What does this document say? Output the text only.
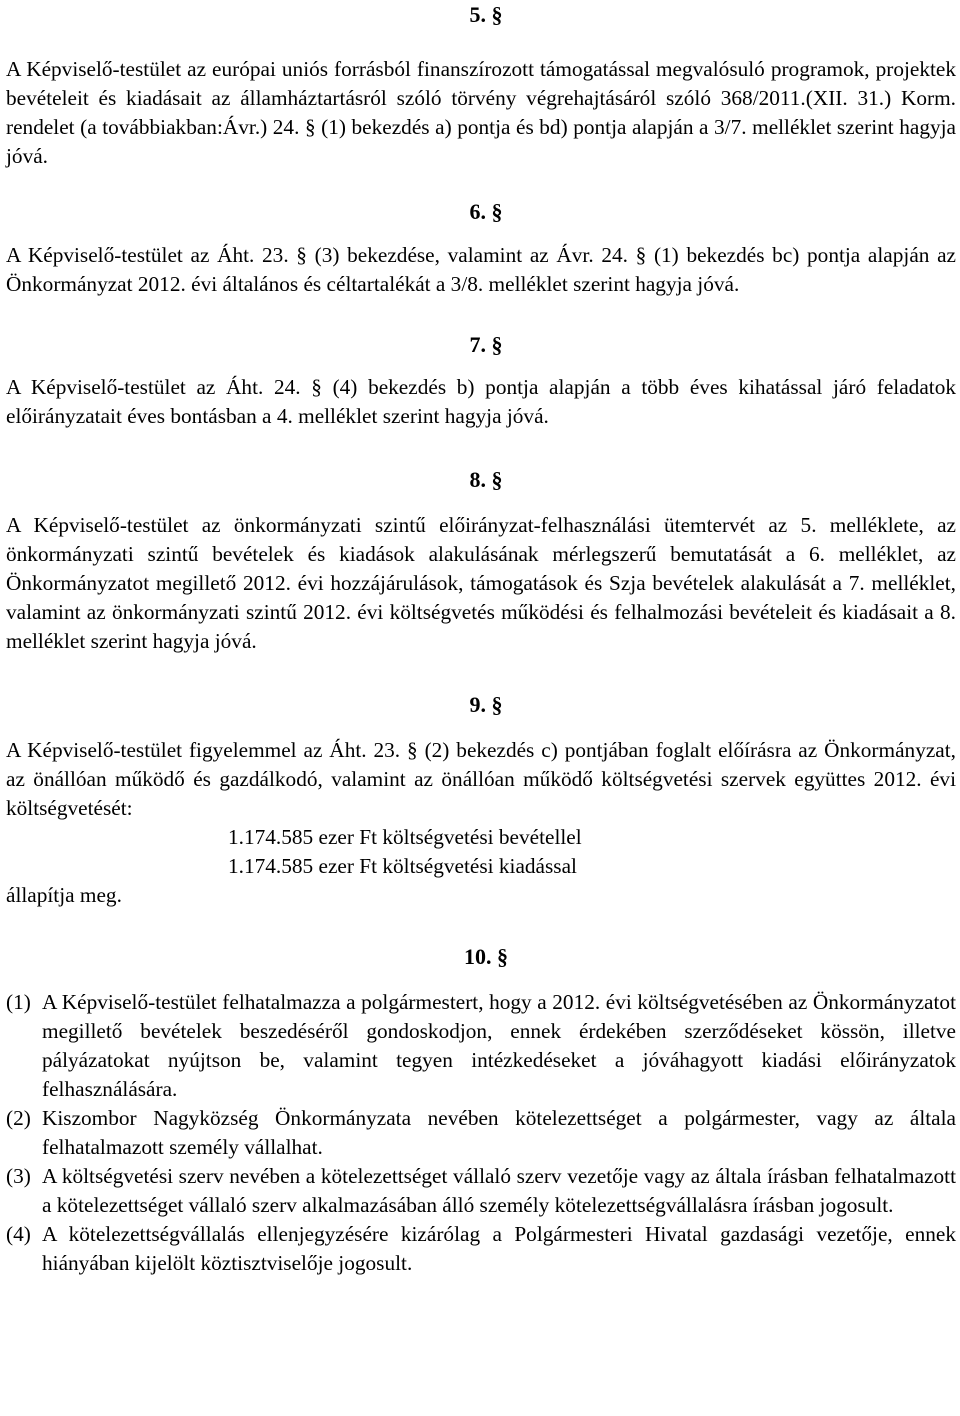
5. §

A Képviselő-testület az európai uniós forrásból finanszírozott támogatással megvalósuló programok, projektek bevételeit és kiadásait az államháztartásról szóló törvény végrehajtásáról szóló 368/2011.(XII. 31.) Korm. rendelet (a továbbiakban:Ávr.) 24. § (1) bekezdés a) pontja és bd) pontja alapján a 3/7. melléklet szerint hagyja jóvá.

6. §

A Képviselő-testület az Áht. 23. § (3) bekezdése, valamint az Ávr. 24. § (1) bekezdés bc) pontja alapján az Önkormányzat 2012. évi általános és céltartalékát a 3/8. melléklet szerint hagyja jóvá.

7. §

A Képviselő-testület az Áht. 24. § (4) bekezdés b) pontja alapján a több éves kihatással járó feladatok előirányzatait éves bontásban a 4. melléklet szerint hagyja jóvá.

8. §

A Képviselő-testület az önkormányzati szintű előirányzat-felhasználási ütemtervét az 5. melléklete, az önkormányzati szintű bevételek és kiadások alakulásának mérlegszerű bemutatását a 6. melléklet, az Önkormányzatot megillető 2012. évi hozzájárulások, támogatások és Szja bevételek alakulását a 7. melléklet, valamint az önkormányzati szintű 2012. évi költségvetés működési és felhalmozási bevételeit és kiadásait a 8. melléklet szerint hagyja jóvá.

9. §

A Képviselő-testület figyelemmel az Áht. 23. § (2) bekezdés c) pontjában foglalt előírásra az Önkormányzat, az önállóan működő és gazdálkodó, valamint az önállóan működő költségvetési szervek együttes 2012. évi költségvetését:

1.174.585 ezer Ft költségvetési bevétellel

1.174.585 ezer Ft költségvetési kiadással

állapítja meg.

10. §
(1) A Képviselő-testület felhatalmazza a polgármestert, hogy a 2012. évi költségvetésében az Önkormányzatot megillető bevételek beszedéséről gondoskodjon, ennek érdekében szerződéseket kössön, illetve pályázatokat nyújtson be, valamint tegyen intézkedéseket a jóváhagyott kiadási előirányzatok felhasználására.
(2) Kiszombor Nagyközség Önkormányzata nevében kötelezettséget a polgármester, vagy az általa felhatalmazott személy vállalhat.
(3) A költségvetési szerv nevében a kötelezettséget vállaló szerv vezetője vagy az általa írásban felhatalmazott a kötelezettséget vállaló szerv alkalmazásában álló személy kötelezettségvállalásra írásban jogosult.
(4) A kötelezettségvállalás ellenjegyzésére kizárólag a Polgármesteri Hivatal gazdasági vezetője, ennek hiányában kijelölt köztisztviselője jogosult.
